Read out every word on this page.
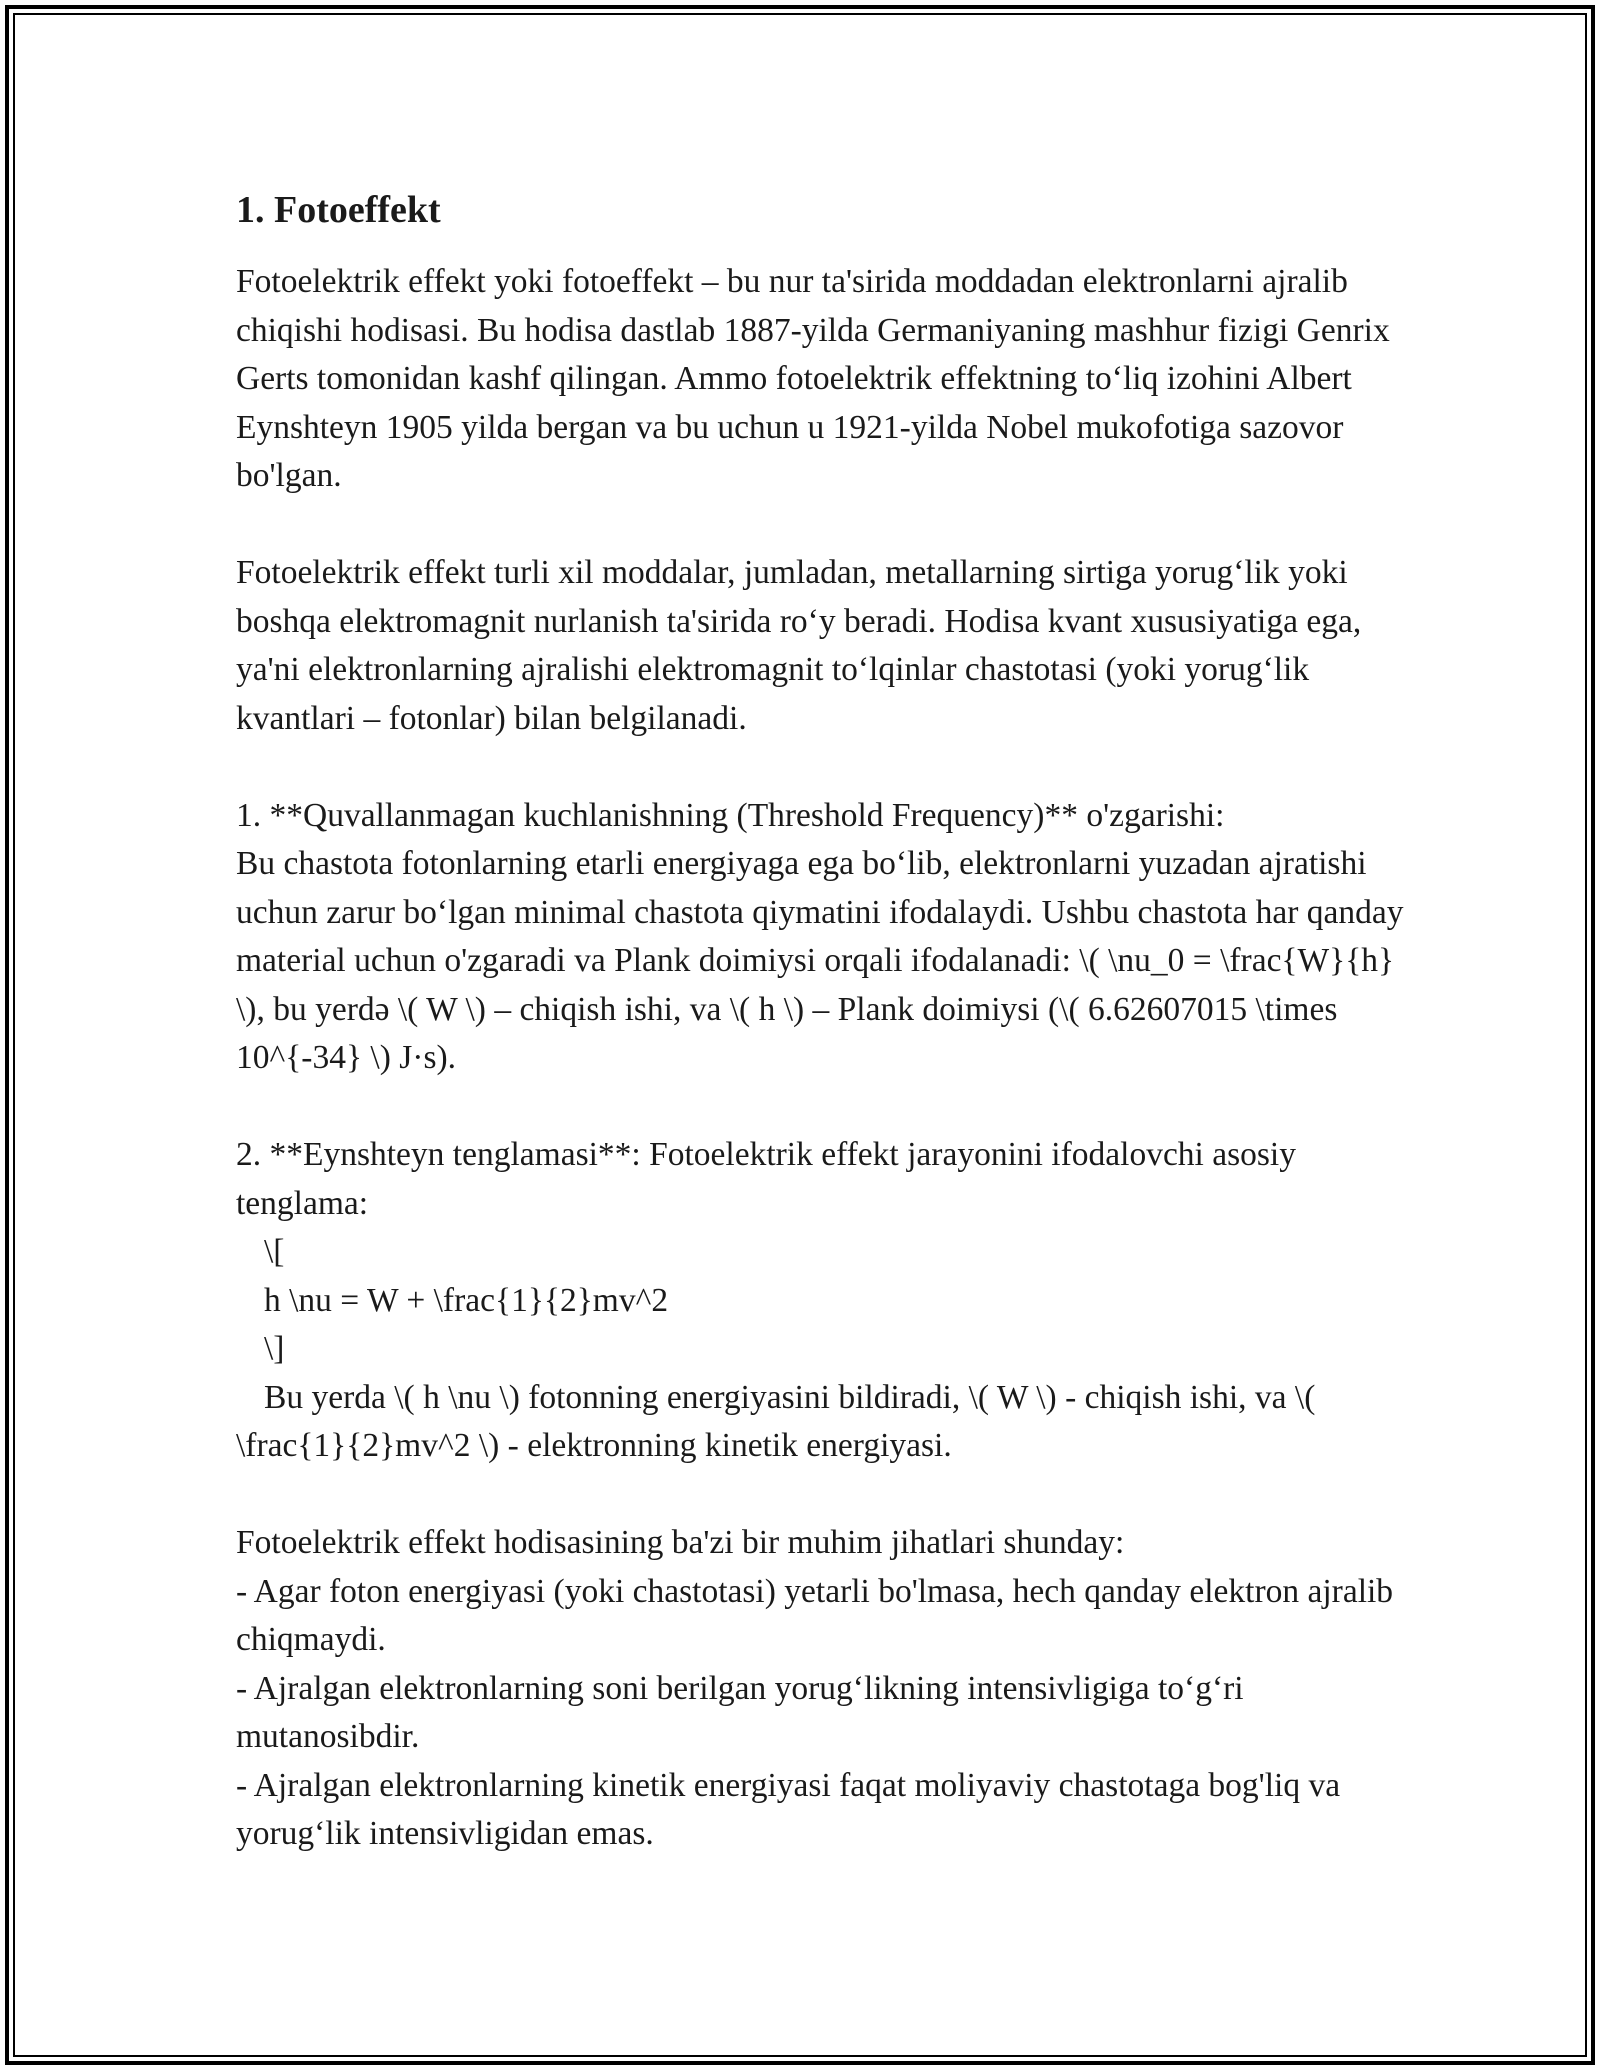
1. Fotoeffekt

Fotoelektrik effekt yoki fotoeffekt – bu nur ta'sirida moddadan elektronlarni ajralib chiqishi hodisasi. Bu hodisa dastlab 1887-yilda Germaniyaning mashhur fizigi Genrix Gerts tomonidan kashf qilingan. Ammo fotoelektrik effektning to‘liq izohini Albert Eynshteyn 1905 yilda bergan va bu uchun u 1921-yilda Nobel mukofotiga sazovor bo'lgan.

Fotoelektrik effekt turli xil moddalar, jumladan, metallarning sirtiga yorug‘lik yoki boshqa elektromagnit nurlanish ta'sirida ro‘y beradi. Hodisa kvant xususiyatiga ega, ya'ni elektronlarning ajralishi elektromagnit to‘lqinlar chastotasi (yoki yorug‘lik kvantlari – fotonlar) bilan belgilanadi.

1. **Quvallanmagan kuchlanishning (Threshold Frequency)** o'zgarishi:
Bu chastota fotonlarning etarli energiyaga ega bo‘lib, elektronlarni yuzadan ajratishi uchun zarur bo‘lgan minimal chastota qiymatini ifodalaydi. Ushbu chastota har qanday material uchun o'zgaradi va Plank doimiysi orqali ifodalanadi: \( \nu_0 = \frac{W}{h} \), bu yerdə \( W \) – chiqish ishi, va \( h \) – Plank doimiysi (\( 6.62607015 \times 10^{-34} \) J·s).
2. **Eynshteyn tenglamasi**: Fotoelektrik effekt jarayonini ifodalovchi asosiy tenglama:
\[
h \nu = W + \frac{1}{2}mv^2
\]
Bu yerda \( h \nu \) fotonning energiyasini bildiradi, \( W \) - chiqish ishi, va \( \frac{1}{2}mv^2 \) - elektronning kinetik energiyasi.
Fotoelektrik effekt hodisasining ba'zi bir muhim jihatlari shunday:
- Agar foton energiyasi (yoki chastotasi) yetarli bo'lmasa, hech qanday elektron ajralib chiqmaydi.
- Ajralgan elektronlarning soni berilgan yorug‘likning intensivligiga to‘g‘ri mutanosibdir.
- Ajralgan elektronlarning kinetik energiyasi faqat moliyaviy chastotaga bog'liq va yorug‘lik intensivligidan emas.
